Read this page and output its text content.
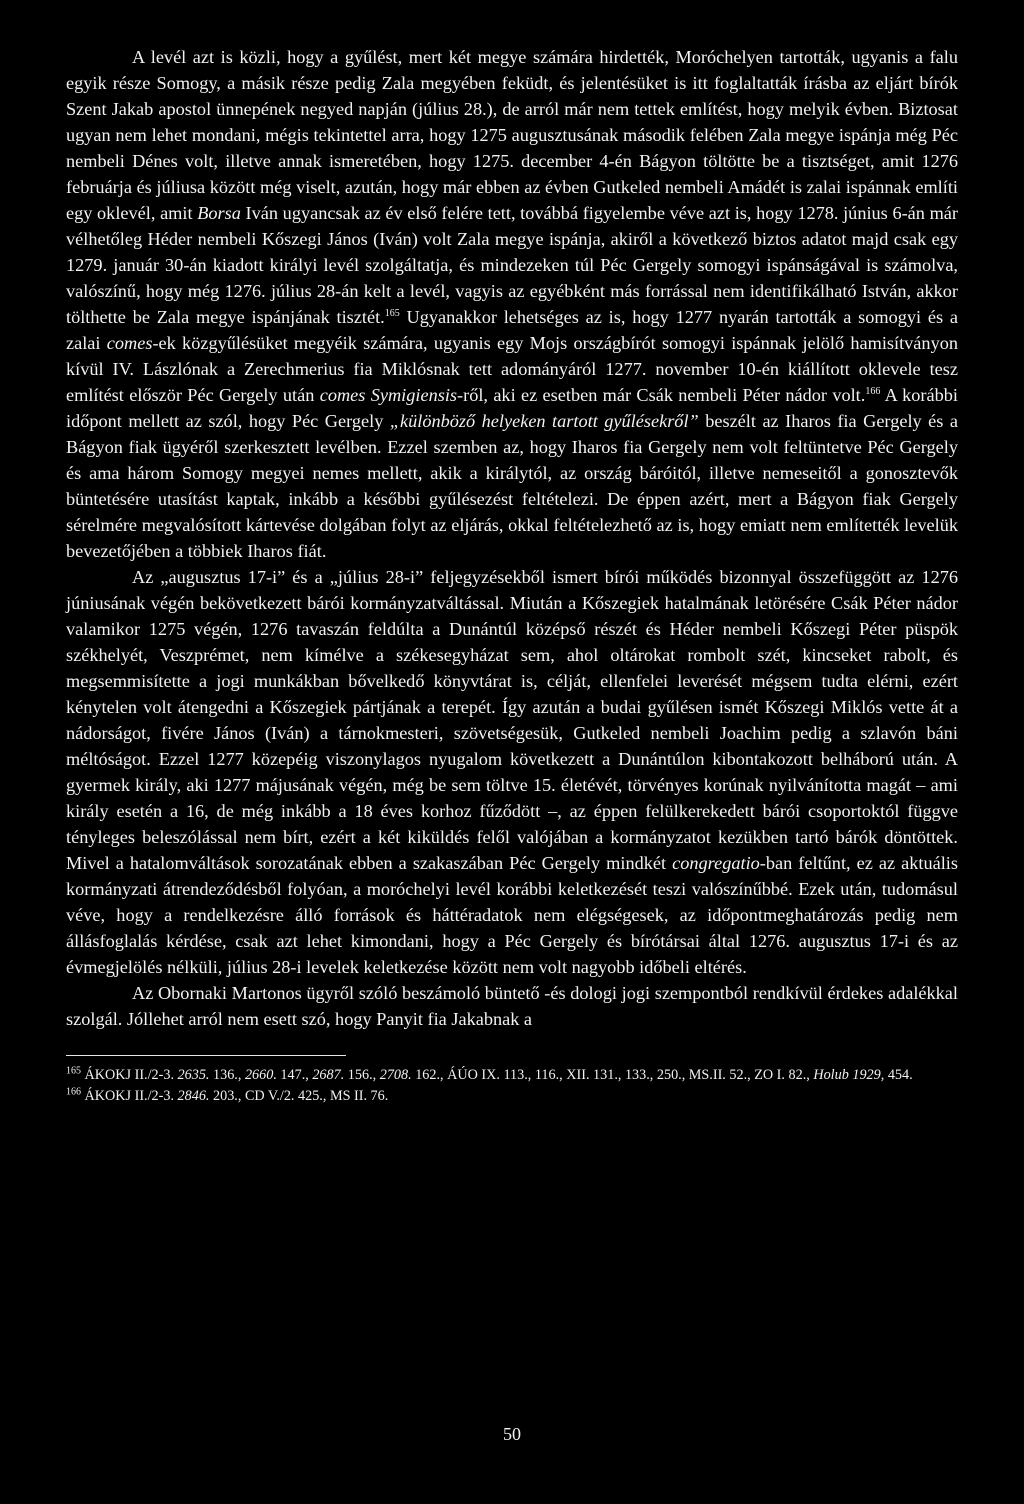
A levél azt is közli, hogy a gyűlést, mert két megye számára hirdették, Moróchelyen tartották, ugyanis a falu egyik része Somogy, a másik része pedig Zala megyében feküdt, és jelentésüket is itt foglaltatták írásba az eljárt bírók Szent Jakab apostol ünnepének negyed napján (július 28.), de arról már nem tettek említést, hogy melyik évben. Biztosat ugyan nem lehet mondani, mégis tekintettel arra, hogy 1275 augusztusának második felében Zala megye ispánja még Péc nembeli Dénes volt, illetve annak ismeretében, hogy 1275. december 4-én Bágyon töltötte be a tisztséget, amit 1276 februárja és júliusa között még viselt, azután, hogy már ebben az évben Gutkeled nembeli Amádét is zalai ispánnak említi egy oklevél, amit Borsa Iván ugyancsak az év első felére tett, továbbá figyelembe véve azt is, hogy 1278. június 6-án már vélhetőleg Héder nembeli Kőszegi János (Iván) volt Zala megye ispánja, akiről a következő biztos adatot majd csak egy 1279. január 30-án kiadott királyi levél szolgáltatja, és mindezeken túl Péc Gergely somogyi ispánságával is számolva, valószínű, hogy még 1276. július 28-án kelt a levél, vagyis az egyébként más forrással nem identifikálható István, akkor tölthette be Zala megye ispánjának tisztét.$^{165}$ Ugyanakkor lehetséges az is, hogy 1277 nyarán tartották a somogyi és a zalai comes-ek közgyűlésüket megyéik számára, ugyanis egy Mojs országbírót somogyi ispánnak jelölő hamisítványon kívül IV. Lászlónak a Zerechmerius fia Miklósnak tett adományáról 1277. november 10-én kiállított oklevele tesz említést először Péc Gergely után comes Symigiensis-ről, aki ez esetben már Csák nembeli Péter nádor volt.$^{166}$ A korábbi időpont mellett az szól, hogy Péc Gergely „különböző helyeken tartott gyűlésekről” beszélt az Iharos fia Gergely és a Bágyon fiak ügyéről szerkesztett levélben. Ezzel szemben az, hogy Iharos fia Gergely nem volt feltüntetve Péc Gergely és ama három Somogy megyei nemes mellett, akik a királytól, az ország báróitól, illetve nemeseitől a gonosztevők büntetésére utasítást kaptak, inkább a későbbi gyűlésezést feltételezi. De éppen azért, mert a Bágyon fiak Gergely sérelmére megvalósított kártevése dolgában folyt az eljárás, okkal feltételezhető az is, hogy emiatt nem említették levelük bevezetőjében a többiek Iharos fiát.

Az „augusztus 17-i” és a „július 28-i” feljegyzésekből ismert bírói működés bizonnyal összefüggött az 1276 júniusának végén bekövetkezett bárói kormányzatváltással. Miután a Kőszegiek hatalmának letörésére Csák Péter nádor valamikor 1275 végén, 1276 tavaszán feldúlta a Dunántúl középső részét és Héder nembeli Kőszegi Péter püspök székhelyét, Veszprémet, nem kímélve a székesegyházat sem, ahol oltárokat rombolt szét, kincseket rabolt, és megsemmisítette a jogi munkákban bővelkedő könyvtárat is, célját, ellenfelei leverését mégsem tudta elérni, ezért kénytelen volt átengedni a Kőszegiek pártjának a terepét. Így azután a budai gyűlésen ismét Kőszegi Miklós vette át a nádorságot, fivére János (Iván) a tárnokmesteri, szövetségesük, Gutkeled nembeli Joachim pedig a szlavón báni méltóságot. Ezzel 1277 közepéig viszonylagos nyugalom következett a Dunántúlon kibontakozott belháború után. A gyermek király, aki 1277 májusának végén, még be sem töltve 15. életévét, törvényes korúnak nyilvánította magát – ami király esetén a 16, de még inkább a 18 éves korhoz fűződött –, az éppen felülkerekedett bárói csoportoktól függve tényleges beleszólással nem bírt, ezért a két kiküldés felől valójában a kormányzatot kezükben tartó bárók döntöttek. Mivel a hatalomváltások sorozatának ebben a szakaszában Péc Gergely mindkét congregatio-ban feltűnt, ez az aktuális kormányzati átrendeződésből folyóan, a moróchelyi levél korábbi keletkezését teszi valószínűbbé. Ezek után, tudomásul véve, hogy a rendelkezésre álló források és háttéradatok nem elégségesek, az időpontmeghatározás pedig nem állásfoglalás kérdése, csak azt lehet kimondani, hogy a Péc Gergely és bírótársai által 1276. augusztus 17-i és az évmegjelölés nélküli, július 28-i levelek keletkezése között nem volt nagyobb időbeli eltérés.

Az Obornaki Martonos ügyről szóló beszámoló büntető -és dologi jogi szempontból rendkívül érdekes adalékkal szolgál. Jóllehet arról nem esett szó, hogy Panyit fia Jakabnak a

$^{165}$ ÁKOKJ II./2-3. 2635. 136., 2660. 147., 2687. 156., 2708. 162., ÁÚO IX. 113., 116., XII. 131., 133., 250., MS.II. 52., ZO I. 82., Holub 1929, 454.

$^{166}$ ÁKOKJ II./2-3. 2846. 203., CD V./2. 425., MS II. 76.

50
